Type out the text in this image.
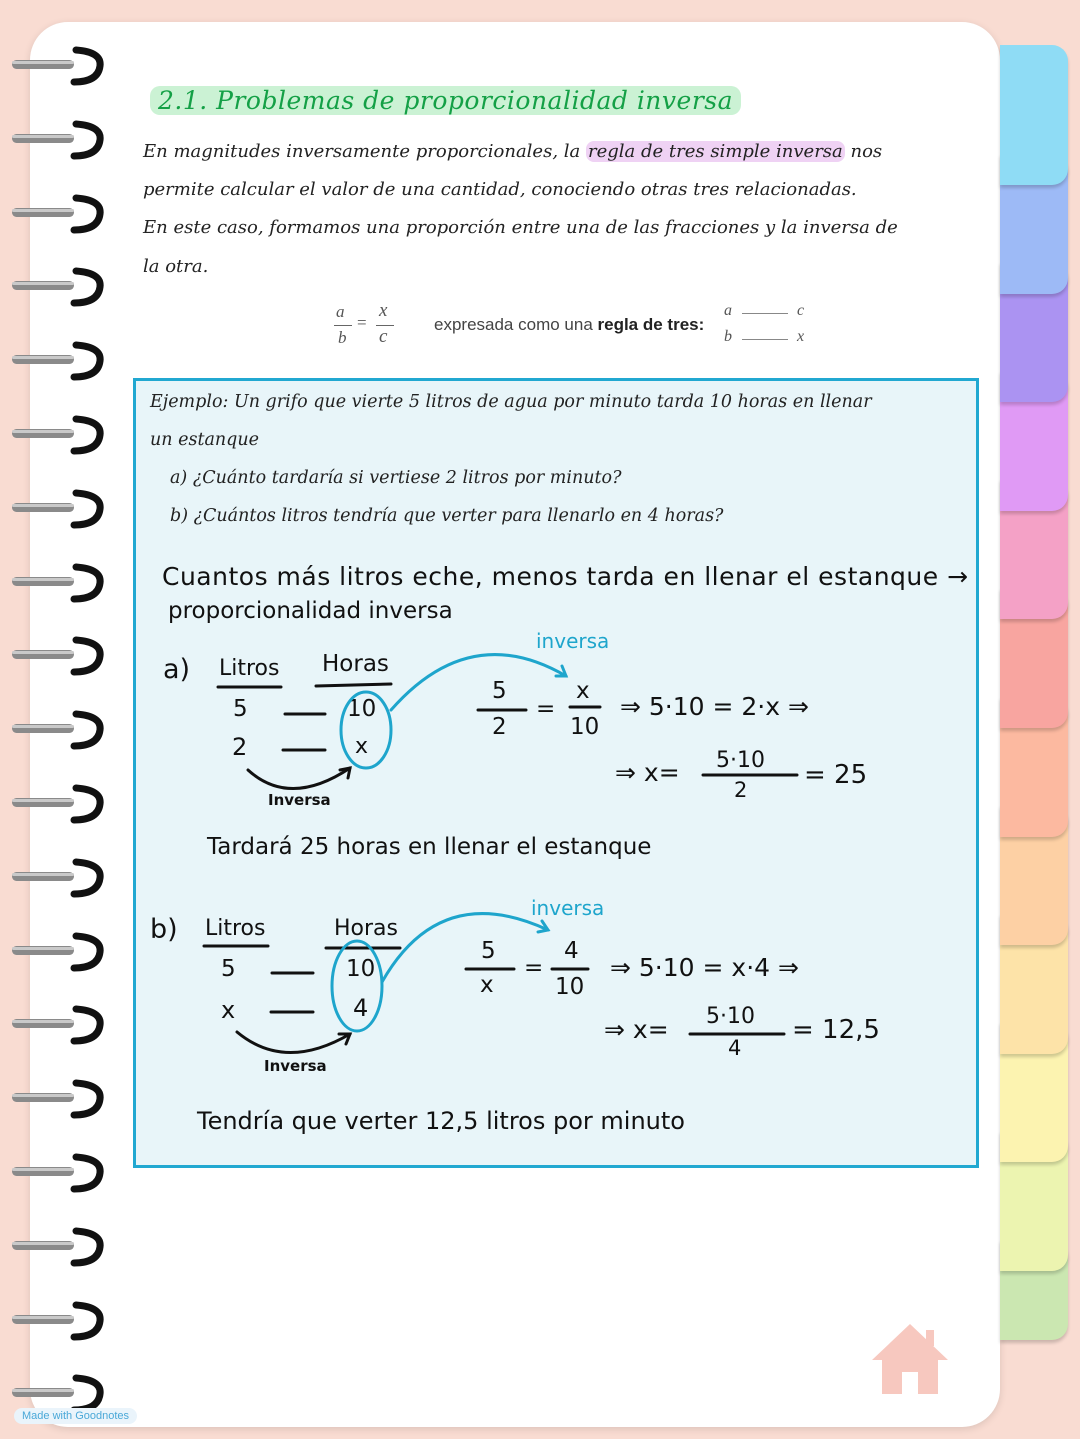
2.1. Problemas de proporcionalidad inversa
En magnitudes inversamente proporcionales, la regla de tres simple inversa nos
permite calcular el valor de una cantidad, conociendo otras tres relacionadas.
En este caso, formamos una proporción entre una de las fracciones y la inversa de
la otra.
a
b
=
x
c
expresada como una regla de tres:
a	c
b	x
Ejemplo: Un grifo que vierte 5 litros de agua por minuto tarda 10 horas en llenar
un estanque
a) ¿Cuánto tardaría si vertiese 2 litros por minuto?
b) ¿Cuántos litros tendría que verter para llenarlo en 4 horas?
Cuantos más litros eche, menos tarda en llenar el estanque →
proporcionalidad inversa
a) Litros Horas
5	10
2	x
inversa
Inversa
5
2
=
x
10
⇒ 5·10 = 2·x ⇒
⇒ x= 5·10
2 = 25
Tardará 25 horas en llenar el estanque
b) Litros	Horas
5	10
x	4
inversa
Inversa
5
x
=
4
10
⇒ 5·10 = x·4 ⇒
⇒ x= 5·10
4
= 12,5
Tendría que verter 12,5 litros por minuto
Made with Goodnotes
